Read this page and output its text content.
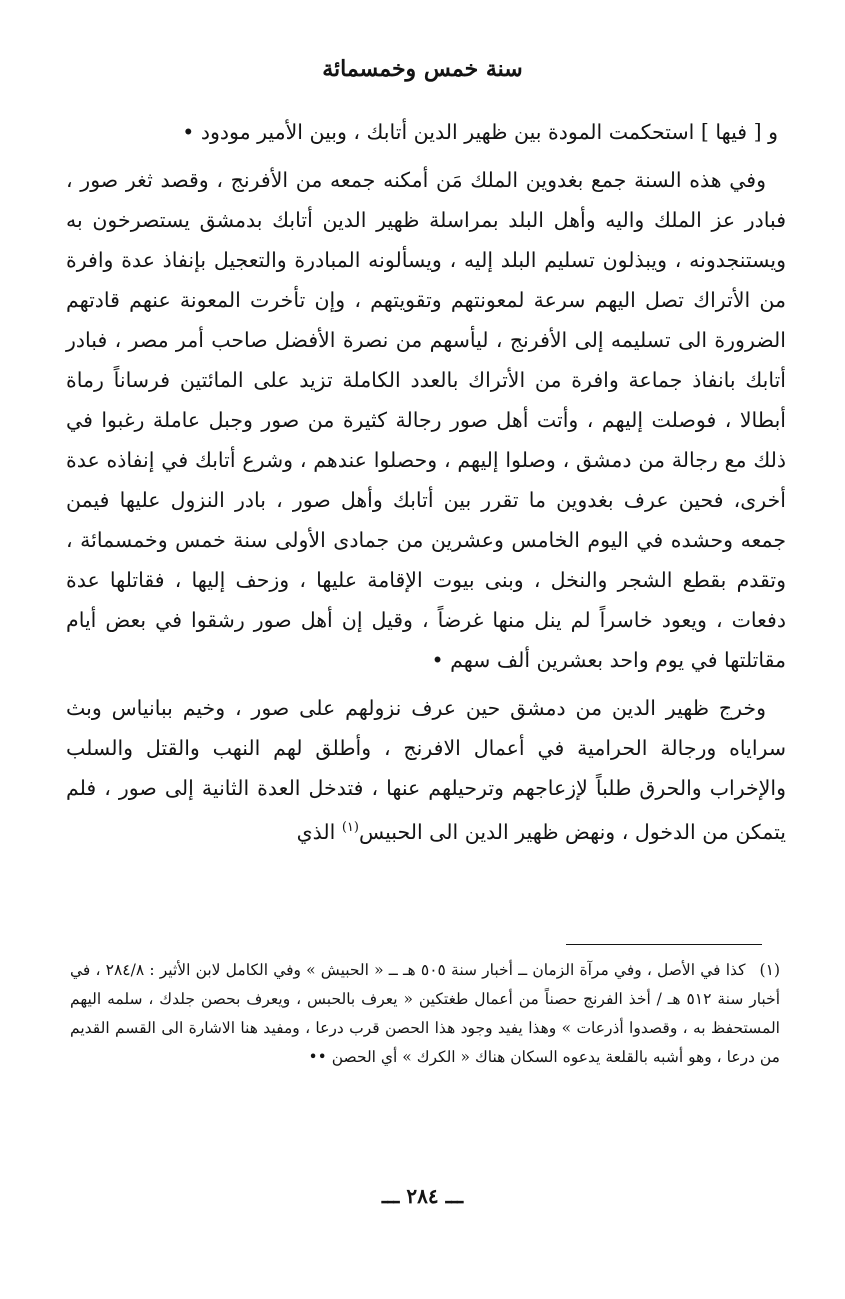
سنة خمس وخمسمائة

و [ فيها ] استحكمت المودة بين ظهير الدين أتابك ، وبين الأمير مودود •

وفي هذه السنة جمع بغدوين الملك مَن أمكنه جمعه من الأفرنج ، وقصد ثغر صور ، فبادر عز الملك واليه وأهل البلد بمراسلة ظهير الدين أتابك بدمشق يستصرخون به ويستنجدونه ، ويبذلون تسليم البلد إليه ، ويسألونه المبادرة والتعجيل بإنفاذ عدة وافرة من الأتراك تصل اليهم سرعة لمعونتهم وتقويتهم ، وإن تأخرت المعونة عنهم قادتهم الضرورة الى تسليمه إلى الأفرنج ، ليأسهم من نصرة الأفضل صاحب أمر مصر ، فبادر أتابك بانفاذ جماعة وافرة من الأتراك بالعدد الكاملة تزيد على المائتين فرساناً رماة أبطالا ، فوصلت إليهم ، وأتت أهل صور رجالة كثيرة من صور وجبل عاملة رغبوا في ذلك مع رجالة من دمشق ، وصلوا إليهم ، وحصلوا عندهم ، وشرع أتابك في إنفاذه عدة أخرى، فحين عرف بغدوين ما تقرر بين أتابك وأهل صور ، بادر النزول عليها فيمن جمعه وحشده في اليوم الخامس وعشرين من جمادى الأولى سنة خمس وخمسمائة ، وتقدم بقطع الشجر والنخل ، وبنى بيوت الإقامة عليها ، وزحف إليها ، فقاتلها عدة دفعات ، ويعود خاسراً لم ينل منها غرضاً ، وقيل إن أهل صور رشقوا في بعض أيام مقاتلتها في يوم واحد بعشرين ألف سهم •

وخرج ظهير الدين من دمشق حين عرف نزولهم على صور ، وخيم ببانياس وبث سراياه ورجالة الحرامية في أعمال الافرنج ، وأطلق لهم النهب والقتل والسلب والإخراب والحرق طلباً لإزعاجهم وترحيلهم عنها ، فتدخل العدة الثانية إلى صور ، فلم يتمكن من الدخول ، ونهض ظهير الدين الى الحبيس$^{(١)}$ الذي

(١)كذا في الأصل ، وفي مرآة الزمان ــ أخبار سنة ٥٠٥ هـ ــ « الحبيش » وفي الكامل لابن الأثير : ٢٨٤/٨ ، في أخبار سنة ٥١٢ هـ / أخذ الفرنج حصناً من أعمال طغتكين « يعرف بالحبس ، ويعرف بحصن جلدك ، سلمه اليهم المستحفظ به ، وقصدوا أذرعات » وهذا يفيد وجود هذا الحصن قرب درعا ، ومفيد هنا الاشارة الى القسم القديم من درعا ، وهو أشبه بالقلعة يدعوه السكان هناك « الكرك » أي الحصن ••
ـــ ٢٨٤ ـــ
